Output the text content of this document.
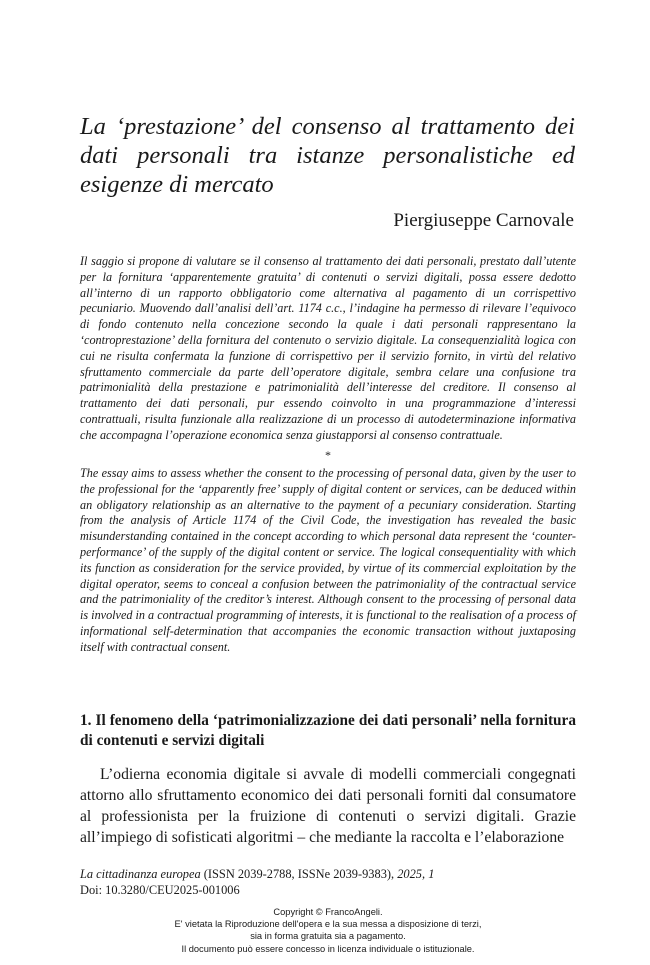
La ‘prestazione’ del consenso al trattamento dei dati personali tra istanze personalistiche ed esigenze di mercato

Piergiuseppe Carnovale

Il saggio si propone di valutare se il consenso al trattamento dei dati personali, prestato dall’utente per la fornitura ‘apparentemente gratuita’ di contenuti o servizi digitali, possa essere dedotto all’interno di un rapporto obbligatorio come alternativa al pagamento di un corrispettivo pecuniario. Muovendo dall’analisi dell’art. 1174 c.c., l’indagine ha permesso di rilevare l’equivoco di fondo contenuto nella concezione secondo la quale i dati personali rappresentano la ‘controprestazione’ della fornitura del contenuto o servizio digitale. La consequenzialità logica con cui ne risulta confermata la funzione di corrispettivo per il servizio fornito, in virtù del relativo sfruttamento commerciale da parte dell’operatore digitale, sembra celare una confusione tra patrimonialità della prestazione e patrimonialità dell’interesse del creditore. Il consenso al trattamento dei dati personali, pur essendo coinvolto in una programmazione d’interessi contrattuali, risulta funzionale alla realizzazione di un processo di autodeterminazione informativa che accompagna l’operazione economica senza giustapporsi al consenso contrattuale.

*

The essay aims to assess whether the consent to the processing of personal data, given by the user to the professional for the ‘apparently free’ supply of digital content or services, can be deduced within an obligatory relationship as an alternative to the payment of a pecuniary consideration. Starting from the analysis of Article 1174 of the Civil Code, the investigation has revealed the basic misunderstanding contained in the concept according to which personal data represent the ‘counter-performance’ of the supply of the digital content or service. The logical consequentiality with which its function as consideration for the service provided, by virtue of its commercial exploitation by the digital operator, seems to conceal a confusion between the patrimoniality of the contractual service and the patrimoniality of the creditor’s interest. Although consent to the processing of personal data is involved in a contractual programming of interests, it is functional to the realisation of a process of informational self-determination that accompanies the economic transaction without juxtaposing itself with contractual consent.

1. Il fenomeno della ‘patrimonializzazione dei dati personali’ nella fornitura di contenuti e servizi digitali

L’odierna economia digitale si avvale di modelli commerciali congegnati attorno allo sfruttamento economico dei dati personali forniti dal consumatore al professionista per la fruizione di contenuti o servizi digitali. Grazie all’impiego di sofisticati algoritmi – che mediante la raccolta e l’elaborazione

La cittadinanza europea (ISSN 2039-2788, ISSNe 2039-9383), 2025, 1
Doi: 10.3280/CEU2025-001006
Copyright © FrancoAngeli.
E' vietata la Riproduzione dell'opera e la sua messa a disposizione di terzi,
sia in forma gratuita sia a pagamento.
Il documento può essere concesso in licenza individuale o istituzionale.
